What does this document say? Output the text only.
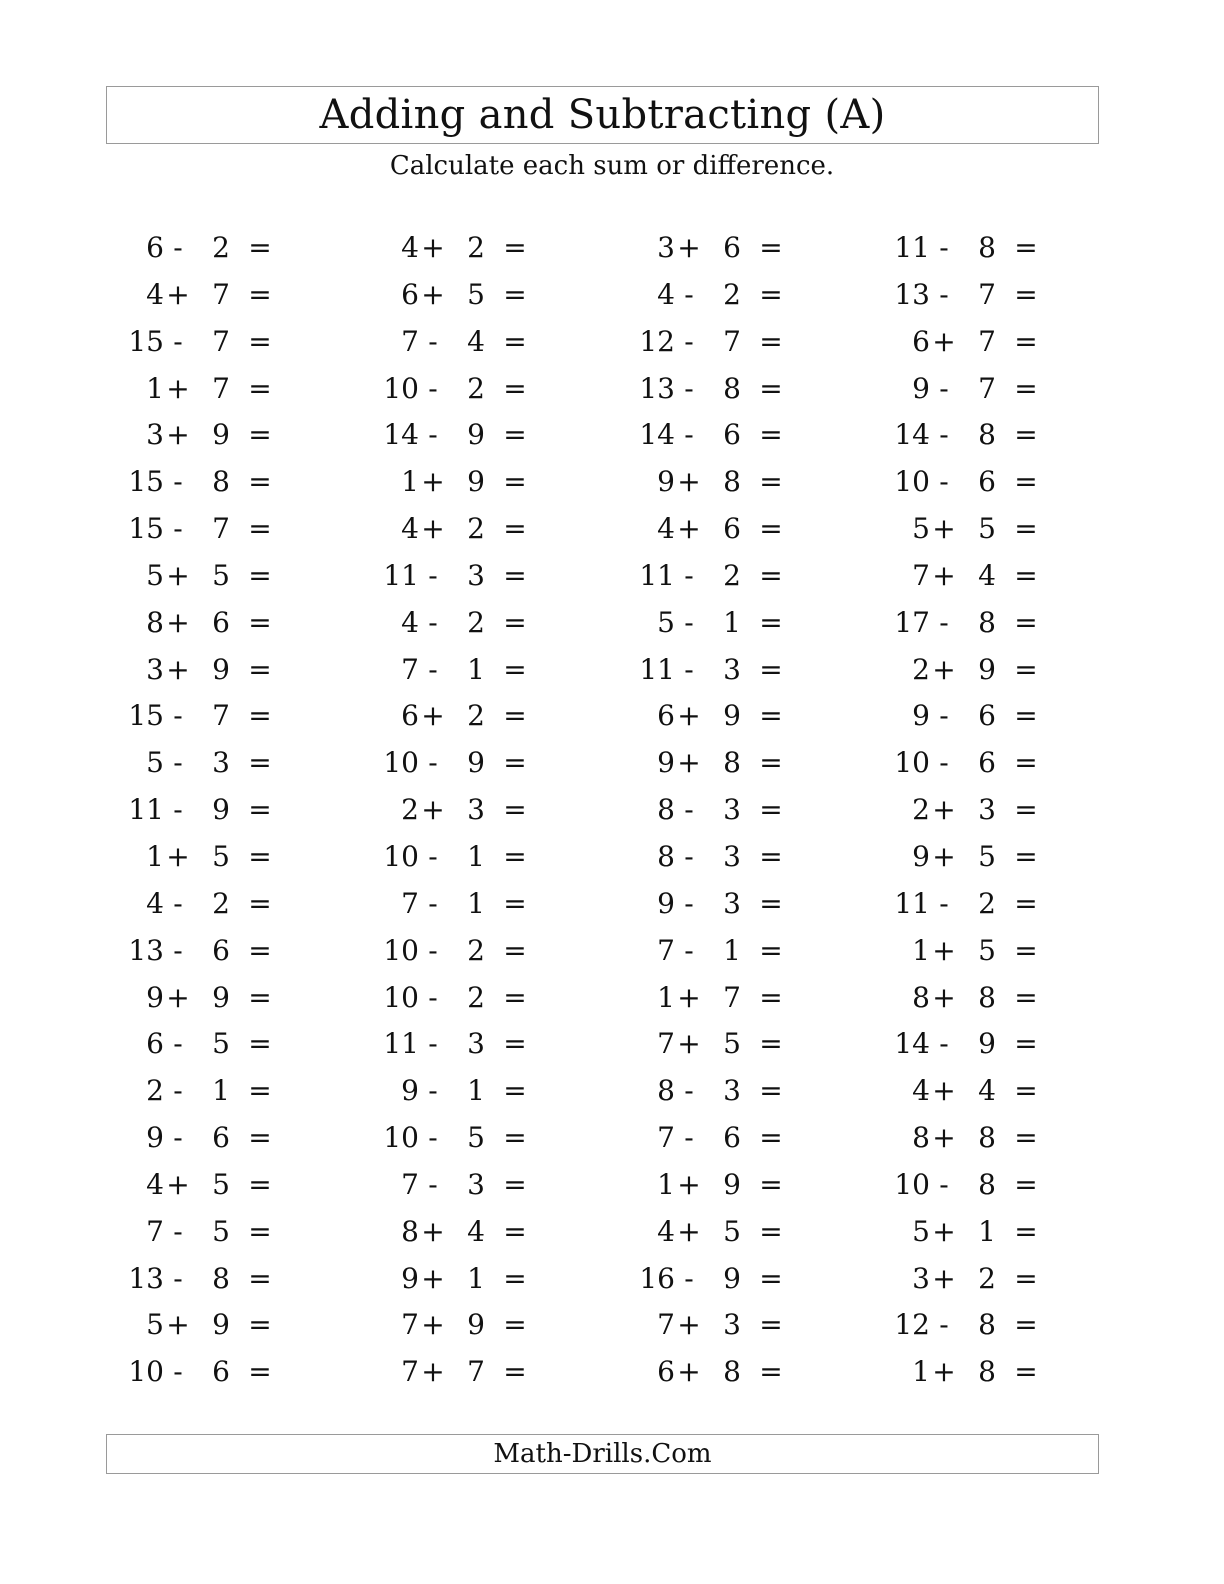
Adding and Subtracting (A)
Calculate each sum or difference.
6 -	2 =
4 + 7 =
15 -	7 =
1 + 7 =
3 + 9 =
15 -	8 =
15 -	7 =
5 + 5 =
8 + 6 =
3 + 9 =
15 -	7 =
5 -	3 =
11 -	9 =
1 + 5 =
4 -	2 =
13 -	6 =
9 + 9 =
6 -	5 =
2 -	1 =
9 -	6 =
4 + 5 =
7 -	5 =
13 -	8 =
5 + 9 =
10 -	6 =
4 + 2 =
6 + 5 =
7 -	4 =
10 -	2 =
14 -	9 =
1 + 9 =
4 + 2 =
11 -	3 =
4 -	2 =
7 -	1 =
6 + 2 =
10 -	9 =
2 + 3 =
10 -	1 =
7 -	1 =
10 -	2 =
10 -	2 =
11 -	3 =
9 -	1 =
10 -	5 =
7 -	3 =
8 + 4 =
9 + 1 =
7 + 9 =
7 + 7 =
3 + 6 =
4 -	2 =
12 -	7 =
13 -	8 =
14 -	6 =
9 + 8 =
4 + 6 =
11 -	2 =
5 -	1 =
11 -	3 =
6 + 9 =
9 + 8 =
8 -	3 =
8 -	3 =
9 -	3 =
7 -	1 =
1 + 7 =
7 + 5 =
8 -	3 =
7 -	6 =
1 + 9 =
4 + 5 =
16 -	9 =
7 + 3 =
6 + 8 =
11 -	8 =
13 -	7 =
6 + 7 =
9 -	7 =
14 -	8 =
10 -	6 =
5 + 5 =
7 + 4 =
17 -	8 =
2 + 9 =
9 -	6 =
10 -	6 =
2 + 3 =
9 + 5 =
11 -	2 =
1 + 5 =
8 + 8 =
14 -	9 =
4 + 4 =
8 + 8 =
10 -	8 =
5 + 1 =
3 + 2 =
12 -	8 =
1 + 8 =
Math-Drills.Com
